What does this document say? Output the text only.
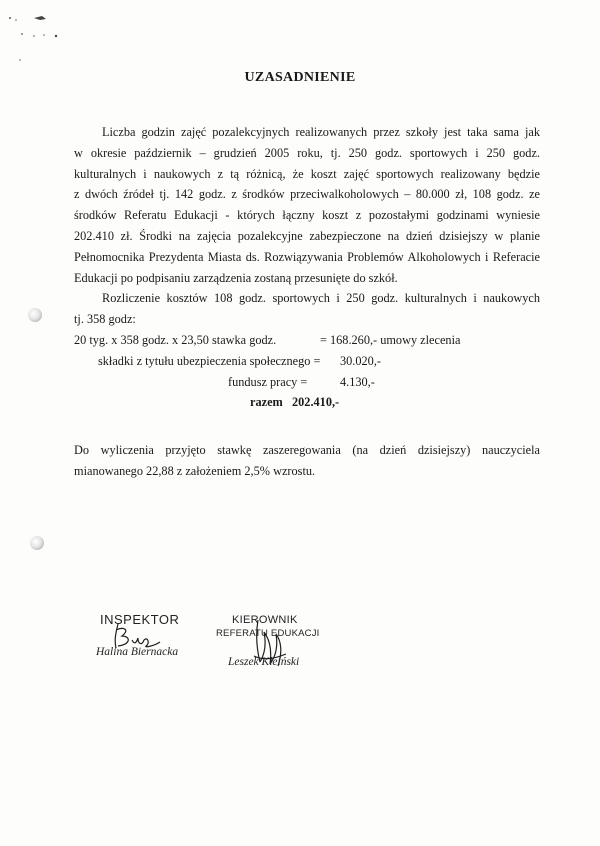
UZASADNIENIE
Liczba godzin zajęć pozalekcyjnych realizowanych przez szkoły jest taka sama jak
w okresie październik – grudzień 2005 roku, tj. 250 godz. sportowych i 250 godz.
kulturalnych i naukowych z tą różnicą, że koszt zajęć sportowych realizowany będzie
z dwóch źródeł tj. 142 godz. z środków przeciwalkoholowych – 80.000 zł, 108 godz. ze
środków Referatu Edukacji - których łączny koszt z pozostałymi godzinami wyniesie
202.410 zł. Środki na zajęcia pozalekcyjne zabezpieczone na dzień dzisiejszy w planie
Pełnomocnika Prezydenta Miasta ds. Rozwiązywania Problemów Alkoholowych i Referacie
Edukacji po podpisaniu zarządzenia zostaną przesunięte do szkół.
Rozliczenie kosztów 108 godz. sportowych i 250 godz. kulturalnych i naukowych
tj. 358 godz:
20 tyg. x 358 godz. x 23,50 stawka godz.	= 168.260,- umowy zlecenia
składki z tytułu ubezpieczenia społecznego = 30.020,-
fundusz pracy =	4.130,-
razem 202.410,-
Do wyliczenia przyjęto stawkę zaszeregowania (na dzień dzisiejszy) nauczyciela
mianowanego 22,88 z założeniem 2,5% wzrostu.
INSPEKTOR
Halina Biernacka
KIEROWNIK
REFERATU EDUKACJI
Leszek Kleiński
